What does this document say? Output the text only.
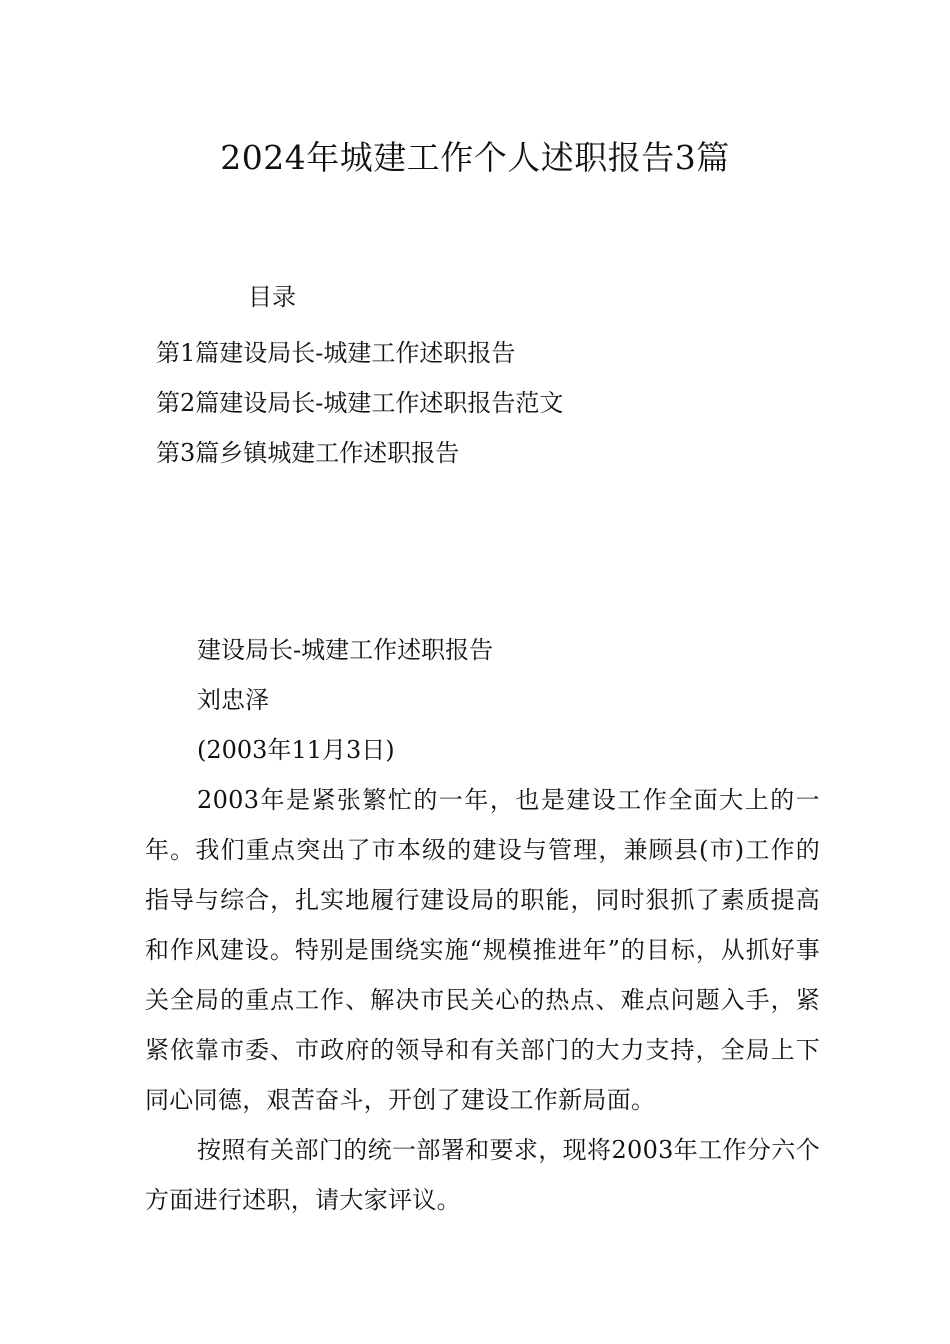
2024年城建工作个人述职报告3篇
目录
第1篇建设局长-城建工作述职报告
第2篇建设局长-城建工作述职报告范文
第3篇乡镇城建工作述职报告
建设局长-城建工作述职报告
刘忠泽
(2003年11月3日)

2003年是紧张繁忙的一年，也是建设工作全面大上的一年。我们重点突出了市本级的建设与管理，兼顾县(市)工作的指导与综合，扎实地履行建设局的职能，同时狠抓了素质提高和作风建设。特别是围绕实施“规模推进年”的目标，从抓好事关全局的重点工作、解决市民关心的热点、难点问题入手，紧紧依靠市委、市政府的领导和有关部门的大力支持，全局上下同心同德，艰苦奋斗，开创了建设工作新局面。

按照有关部门的统一部署和要求，现将2003年工作分六个方面进行述职，请大家评议。
